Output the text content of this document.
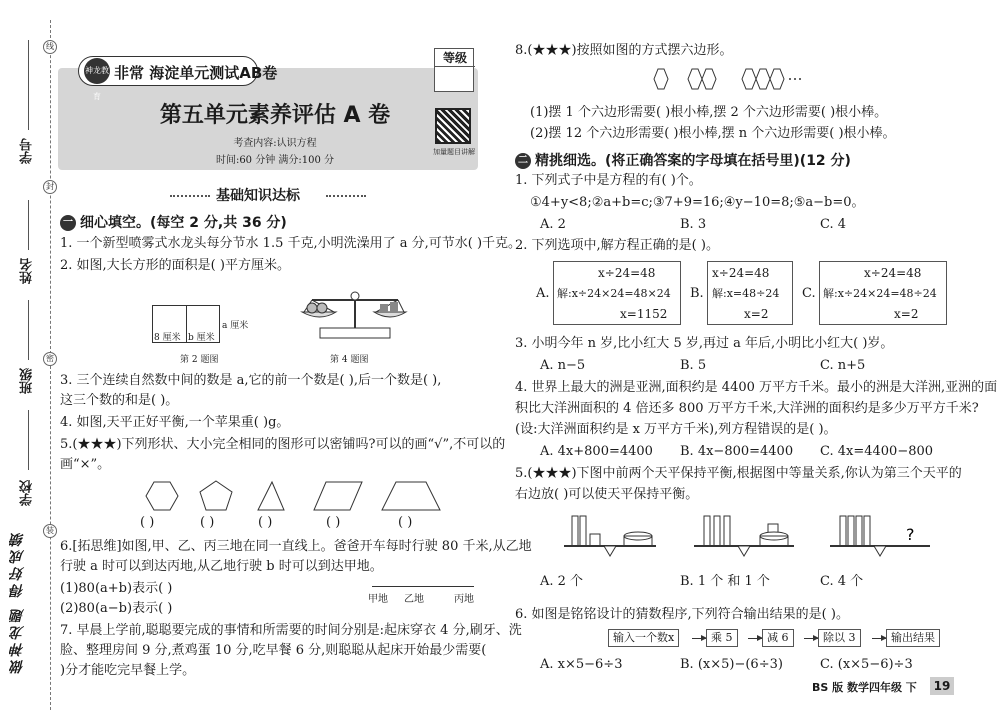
学号
姓名
班级
学校
线
封
密
装
做神龙题 得好成绩
神龙教育
非常 海淀单元测试AB卷
等级
第五单元素养评估 A 卷
考查内容:认识方程
时间:60 分钟 满分:100 分
加量题目讲解
基础知识达标
一 细心填空。(每空 2 分,共 36 分)
1. 一个新型喷雾式水龙头每分节水 1.5 千克,小明洗澡用了 a 分,可节水( )千克。
2. 如图,大长方形的面积是( )平方厘米。
8 厘米 b 厘米
a 厘米
第 2 题图	第 4 题图
3. 三个连续自然数中间的数是 a,它的前一个数是( ),后一个数是( ),
这三个数的和是( )。
4. 如图,天平正好平衡,一个苹果重( )g。
5.(★★★)下列形状、大小完全相同的图形可以密铺吗?可以的画“√”,不可以的
画“×”。
( )	( )	( )	( )	( )
6.[拓思维]如图,甲、乙、丙三地在同一直线上。爸爸开车每时行驶 80 千米,从乙地
行驶 a 时可以到达丙地,从乙地行驶 b 时可以到达甲地。
(1)80(a+b)表示( )
(2)80(a−b)表示( )
甲地 乙地	丙地
7. 早晨上学前,聪聪要完成的事情和所需要的时间分别是:起床穿衣 4 分,刷牙、洗
脸、整理房间 9 分,煮鸡蛋 10 分,吃早餐 6 分,则聪聪从起床开始最少需要(
)分才能吃完早餐上学。
8.(★★★)按照如图的方式摆六边形。
(1)摆 1 个六边形需要( )根小棒,摆 2 个六边形需要( )根小棒。
(2)摆 12 个六边形需要( )根小棒,摆 n 个六边形需要( )根小棒。
二 精挑细选。(将正确答案的字母填在括号里)(12 分)
1. 下列式子中是方程的有( )个。
①4+y<8;②a+b=c;③7+9=16;④y−10=8;⑤a−b=0。
A. 2	B. 3	C. 4
2. 下列选项中,解方程正确的是( )。
A.
x÷24=48
解:x÷24×24=48×24
x=1152
B.
x÷24=48
解:x=48÷24
x=2
C.
x÷24=48
解:x÷24×24=48÷24
x=2
3. 小明今年 n 岁,比小红大 5 岁,再过 a 年后,小明比小红大( )岁。
A. n−5	B. 5	C. n+5
4. 世界上最大的洲是亚洲,面积约是 4400 万平方千米。最小的洲是大洋洲,亚洲的面
积比大洋洲面积的 4 倍还多 800 万平方千米,大洋洲的面积约是多少万平方千米?
(设:大洋洲面积约是 x 万平方千米),列方程错误的是( )。
A. 4x+800=4400 B. 4x−800=4400 C. 4x=4400−800
5.(★★★)下图中前两个天平保持平衡,根据图中等量关系,你认为第三个天平的
右边放( )可以使天平保持平衡。
?
A. 2 个	B. 1 个 和 1 个	C. 4 个
6. 如图是铭铭设计的猜数程序,下列符合输出结果的是( )。
输入一个数x	乘 5	减 6	除以 3	输出结果
A. x×5−6÷3	B. (x×5)−(6÷3)	C. (x×5−6)÷3
BS 版 数学四年级 下	19
